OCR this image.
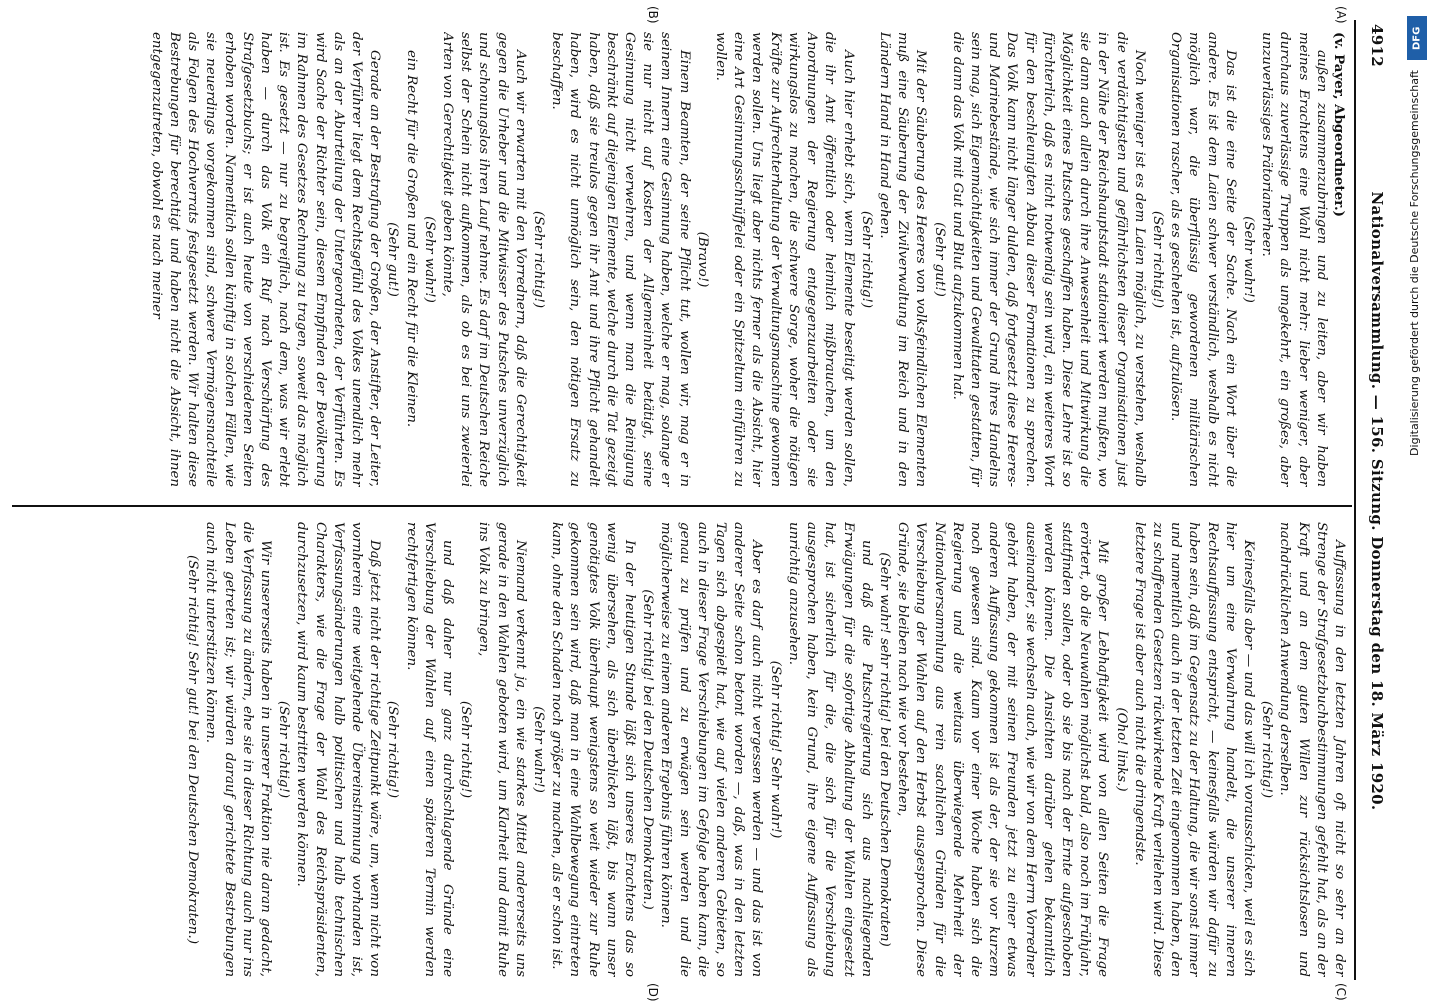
4912
Nationalversammlung. — 156. Sitzung. Donnerstag den 18. März 1920.
(A)
(B)
(C)
(D)

(v. Payer, Abgeordneter.)

außen zusammenzubringen und zu leiten, aber wir haben meines Erachtens eine Wahl nicht mehr: lieber weniger, aber durchaus zuverlässige Truppen als umgekehrt, ein großes, aber unzuverlässiges Prätorianerheer.

(Sehr wahr!)

Das ist die eine Seite der Sache. Nach ein Wort über die andere. Es ist dem Laien schwer verständlich, weshalb es nicht möglich war, die überflüssig gewordenen militärischen Organisationen rascher, als es geschehen ist, aufzulösen.

(Sehr richtig!)

Noch weniger ist es dem Laien möglich, zu verstehen, weshalb die verdächtigsten und gefährlichsten dieser Organisationen just in der Nähe der Reichshauptstadt stationiert werden mußten, wo sie dann auch allein durch ihre Anwesenheit und Mitwirkung die Möglichkeit eines Putsches geschaffen haben. Diese Lehre ist so fürchterlich, daß es nicht notwendig sein wird, ein weiteres Wort für den beschleunigten Abbau dieser Formationen zu sprechen. Das Volk kann nicht länger dulden, daß fortgesetzt diese Heeres- und Marinebestände, wie sich immer der Grund ihres Handelns sein mag, sich Eigenmächtigkeiten und Gewalttaten gestatten, für die dann das Volk mit Gut und Blut aufzukommen hat.

(Sehr gut!)

Mit der Säuberung des Heeres von volksfeindlichen Elementen muß eine Säuberung der Zivilverwaltung im Reich und in den Ländern Hand in Hand gehen.

(Sehr richtig!)

Auch hier erhebt sich, wenn Elemente beseitigt werden sollen, die ihr Amt öffentlich oder heimlich mißbrauchen, um den Anordnungen der Regierung entgegenzuarbeiten oder sie wirkungslos zu machen, die schwere Sorge, woher die nötigen Kräfte zur Aufrechterhaltung der Verwaltungsmaschine gewonnen werden sollen. Uns liegt aber nichts ferner als die Absicht, hier eine Art Gesinnungsschnüffelei oder ein Spitzeltum einführen zu wollen.

(Bravo!)

Einem Beamten, der seine Pflicht tut, wollen wir, mag er in seinem Innern eine Gesinnung haben, welche er mag, solange er sie nur nicht auf Kosten der Allgemeinheit betätigt, seine Gesinnung nicht verwehren, und wenn man die Reinigung beschränkt auf diejenigen Elemente, welche durch die Tat gezeigt haben, daß sie treulos gegen ihr Amt und ihre Pflicht gehandelt haben, wird es nicht unmöglich sein, den nötigen Ersatz zu beschaffen.

(Sehr richtig!)

Auch wir erwarten mit den Vorrednern, daß die Gerechtigkeit gegen die Urheber und die Mitwisser des Putsches unverzüglich und schonungslos ihren Lauf nehme. Es darf im Deutschen Reiche selbst der Schein nicht aufkommen, als ob es bei uns zweierlei Arten von Gerechtigkeit geben könnte,

(Sehr wahr!)

ein Recht für die Großen und ein Recht für die Kleinen.

(Sehr gut!)

Gerade an der Bestrafung der Großen, der Anstifter, der Leiter, der Verführer liegt dem Rechtsgefühl des Volkes unendlich mehr als an der Aburteilung der Untergeordneten, der Verführten. Es wird Sache der Richter sein, diesem Empfinden der Bevölkerung im Rahmen des Gesetzes Rechnung zu tragen, soweit das möglich ist. Es gesetzt — nur zu begreiflich, nach dem, was wir erlebt haben — durch das Volk ein Ruf nach Verschärfung des Strafgesetzbuchs; er ist auch heute von verschiedenen Seiten erhoben worden. Namentlich sollen künftig in solchen Fällen, wie sie neuerdings vorgekommen sind, schwere Vermögensnachteile als Folgen des Hochverrats festgesetzt werden. Wir halten diese Bestrebungen für berechtigt und haben nicht die Absicht, ihnen entgegenzutreten, obwohl es nach meiner

Auffassung in den letzten Jahren oft nicht so sehr an der Strenge der Strafgesetzbuchbestimmungen gefehlt hat, als an der Kraft und an dem guten Willen zur rücksichtslosen und nachdrücklichen Anwendung derselben.

(Sehr richtig!)

Keinesfalls aber — und das will ich vorausschicken, weil es sich hier um eine Verwahrung handelt, die unserer inneren Rechtsauffassung entspricht, — keinesfalls würden wir dafür zu haben sein, daß im Gegensatz zu der Haltung, die wir sonst immer und namentlich auch in der letzten Zeit eingenommen haben, den zu schaffenden Gesetzen rückwirkende Kraft verliehen wird. Diese letztere Frage ist aber auch nicht die dringendste.

(Oho! links.)

Mit großer Lebhaftigkeit wird von allen Seiten die Frage erörtert, ob die Neuwahlen möglichst bald, also noch im Frühjahr, stattfinden sollen, oder ob sie bis nach der Ernte aufgeschoben werden können. Die Ansichten darüber gehen bekanntlich auseinander, sie wechseln auch, wie wir von dem Herrn Vorredner gehört haben, der mit seinen Freunden jetzt zu einer etwas anderen Auffassung gekommen ist als der, der sie vor kurzem noch gewesen sind. Kaum vor einer Woche haben sich die Regierung und die weitaus überwiegende Mehrheit der Nationalversammlung aus rein sachlichen Gründen für die Verschiebung der Wahlen auf den Herbst ausgesprochen. Diese Gründe, sie bleiben nach wie vor bestehen,

(Sehr wahr! sehr richtig! bei den Deutschen Demokraten)

und daß die Putschregierung sich aus nachliegenden Erwägungen für die sofortige Abhaltung der Wahlen eingesetzt hat, ist sicherlich für die, die sich für die Verschiebung ausgesprochen haben, kein Grund, ihre eigene Auffassung als unrichtig anzusehen.

(Sehr richtig! Sehr wahr!)

Aber es darf auch nicht vergessen werden — und das ist von anderer Seite schon betont worden —, daß, was in den letzten Tagen sich abgespielt hat, wie auf vielen anderen Gebieten, so auch in dieser Frage Verschiebungen im Gefolge haben kann, die genau zu prüfen und zu erwägen sein werden und die möglicherweise zu einem anderen Ergebnis führen können.

(Sehr richtig! bei den Deutschen Demokraten.)

In der heutigen Stunde läßt sich unseres Erachtens das so wenig übersehen, als sich überblicken läßt, bis wann unser genötigtes Volk überhaupt wenigstens so weit wieder zur Ruhe gekommen sein wird, daß man in eine Wahlbewegung eintreten kann, ohne den Schaden noch größer zu machen, als er schon ist.

(Sehr wahr!)

Niemand verkennt ja, ein wie starkes Mittel andererseits uns gerade in den Wahlen geboten wird, um Klarheit und damit Ruhe ins Volk zu bringen,

(Sehr richtig!)

und daß daher nur ganz durchschlagende Gründe eine Verschiebung der Wahlen auf einen späteren Termin werden rechtfertigen können.

(Sehr richtig!)

Daß jetzt nicht der richtige Zeitpunkt wäre, um, wenn nicht von vornherein eine weitgehende Übereinstimmung vorhanden ist, Verfassungsänderungen halb politischen und halb technischen Charakters, wie die Frage der Wahl des Reichspräsidenten, durchzusetzen, wird kaum bestritten werden können.

(Sehr richtig!)

Wir unsererseits haben in unserer Fraktion nie daran gedacht, die Verfassung zu ändern, ehe sie in dieser Richtung auch nur ins Leben getreten ist; wir würden darauf gerichtete Bestrebungen auch nicht unterstützen können.

(Sehr richtig! Sehr gut! bei den Deutschen Demokraten.)

DFG
Digitalisierung gefördert durch die Deutsche Forschungsgemeinschaft
